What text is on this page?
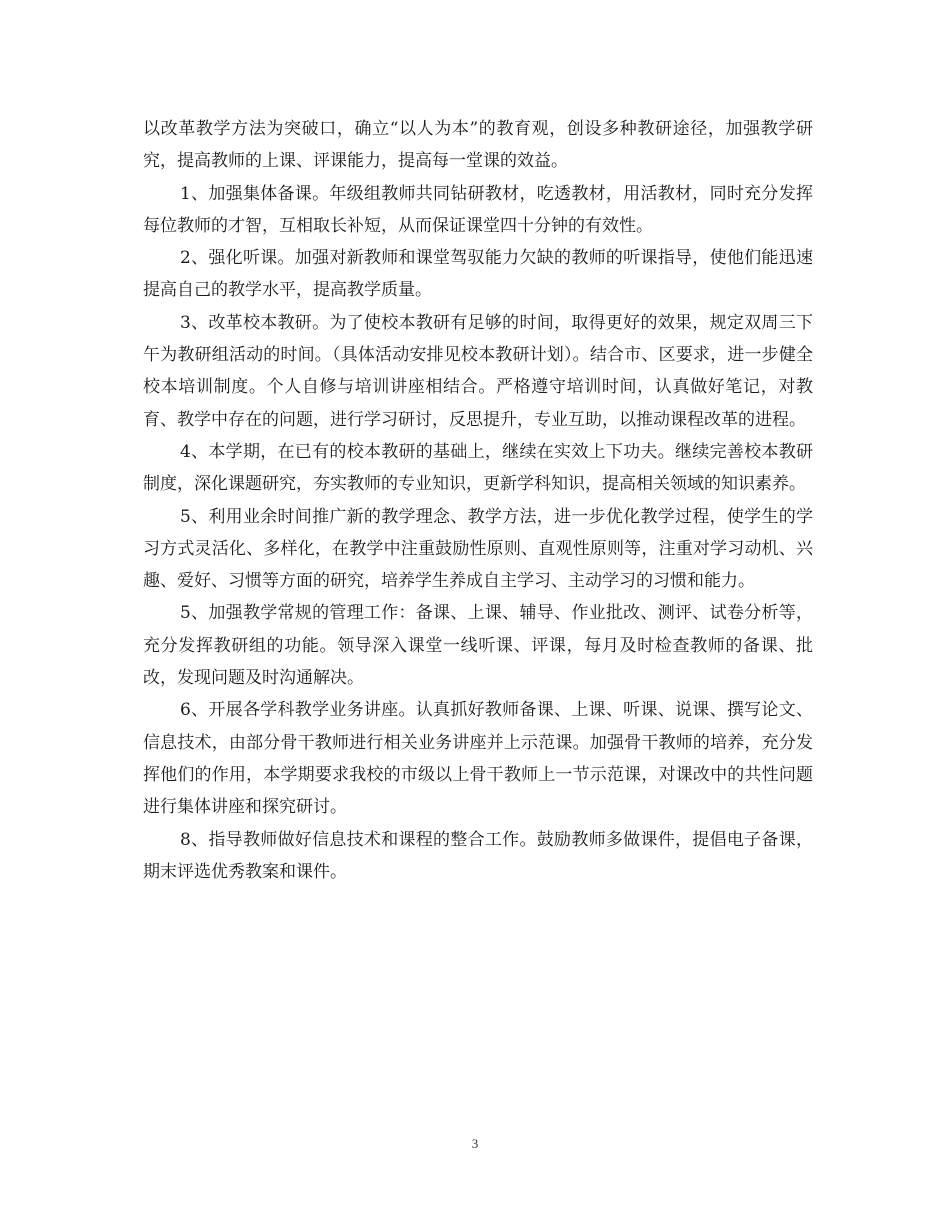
以改革教学方法为突破口，确立“以人为本”的教育观，创设多种教研途径，加强教学研究，提高教师的上课、评课能力，提高每一堂课的效益。

1、加强集体备课。年级组教师共同钻研教材，吃透教材，用活教材，同时充分发挥每位教师的才智，互相取长补短，从而保证课堂四十分钟的有效性。

2、强化听课。加强对新教师和课堂驾驭能力欠缺的教师的听课指导，使他们能迅速提高自己的教学水平，提高教学质量。

3、改革校本教研。为了使校本教研有足够的时间，取得更好的效果，规定双周三下午为教研组活动的时间。（具体活动安排见校本教研计划）。结合市、区要求，进一步健全校本培训制度。个人自修与培训讲座相结合。严格遵守培训时间，认真做好笔记，对教育、教学中存在的问题，进行学习研讨，反思提升，专业互助，以推动课程改革的进程。

4、本学期，在已有的校本教研的基础上，继续在实效上下功夫。继续完善校本教研制度，深化课题研究，夯实教师的专业知识，更新学科知识，提高相关领域的知识素养。

5、利用业余时间推广新的教学理念、教学方法，进一步优化教学过程，使学生的学习方式灵活化、多样化，在教学中注重鼓励性原则、直观性原则等，注重对学习动机、兴趣、爱好、习惯等方面的研究，培养学生养成自主学习、主动学习的习惯和能力。

5、加强教学常规的管理工作：备课、上课、辅导、作业批改、测评、试卷分析等，充分发挥教研组的功能。领导深入课堂一线听课、评课，每月及时检查教师的备课、批改，发现问题及时沟通解决。

6、开展各学科教学业务讲座。认真抓好教师备课、上课、听课、说课、撰写论文、信息技术，由部分骨干教师进行相关业务讲座并上示范课。加强骨干教师的培养，充分发挥他们的作用，本学期要求我校的市级以上骨干教师上一节示范课，对课改中的共性问题进行集体讲座和探究研讨。

8、指导教师做好信息技术和课程的整合工作。鼓励教师多做课件，提倡电子备课，期末评选优秀教案和课件。

3
